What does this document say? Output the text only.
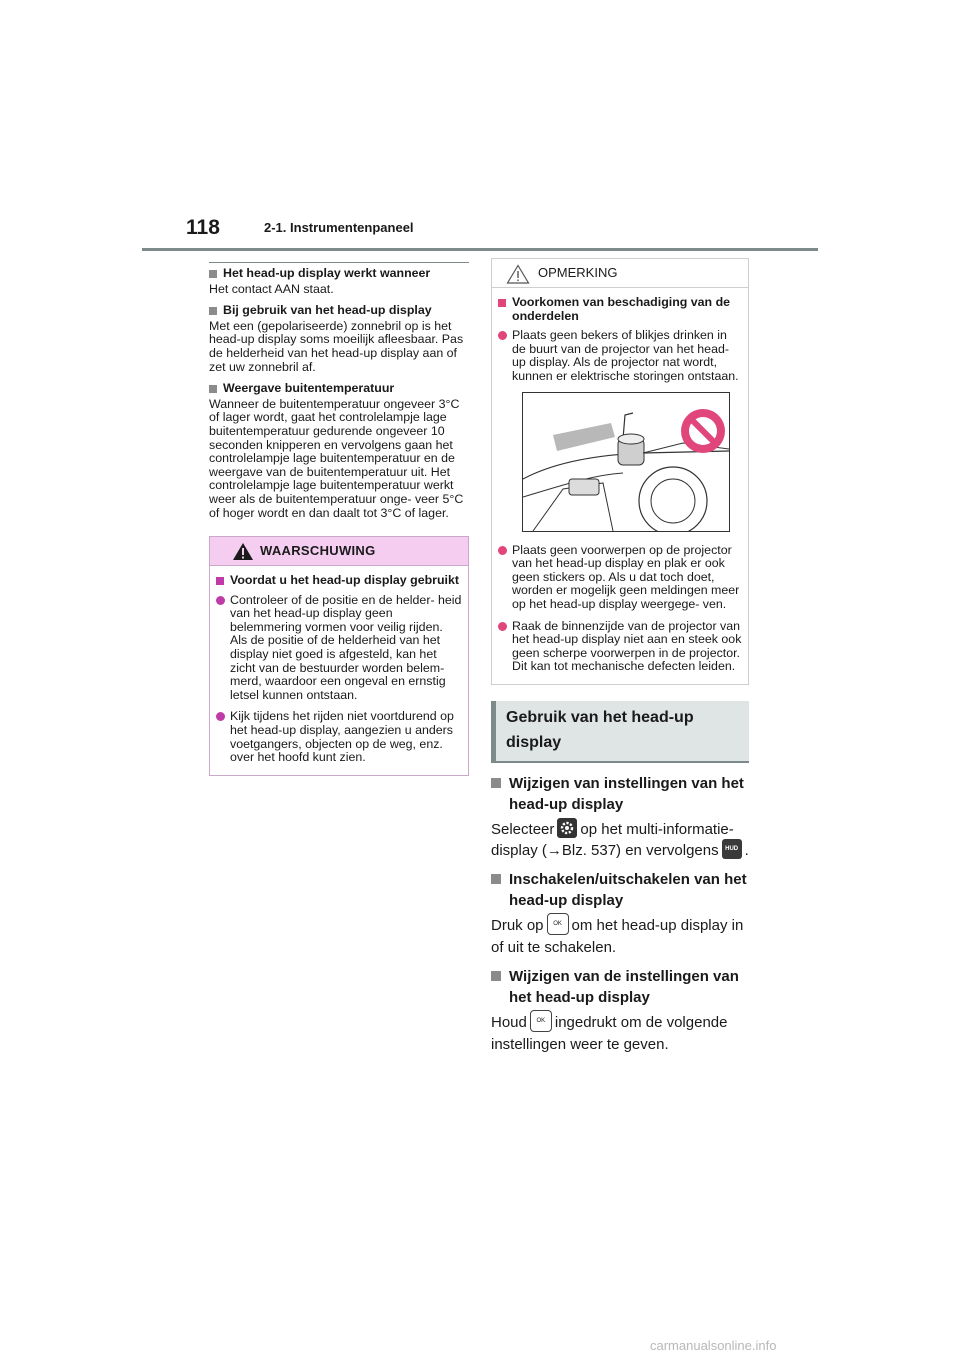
118	2-1. Instrumentenpaneel
Het head-up display werkt wanneer

Het contact AAN staat.

Bij gebruik van het head-up display

Met een (gepolariseerde) zonnebril op is het head-up display soms moeilijk afleesbaar. Pas de helderheid van het head-up display aan of zet uw zonnebril af.

Weergave buitentemperatuur

Wanneer de buitentemperatuur ongeveer 3°C of lager wordt, gaat het controlelampje lage buitentemperatuur gedurende ongeveer 10 seconden knipperen en vervolgens gaan het controlelampje lage buitentemperatuur en de weergave van de buitentemperatuur uit. Het controlelampje lage buitentemperatuur werkt weer als de buitentemperatuur onge- veer 5°C of hoger wordt en dan daalt tot 3°C of lager.

WAARSCHUWING
Voordat u het head-up display gebruikt
Controleer of de positie en de helder- heid van het head-up display geen belemmering vormen voor veilig rijden. Als de positie of de helderheid van het display niet goed is afgesteld, kan het zicht van de bestuurder worden belem- merd, waardoor een ongeval en ernstig letsel kunnen ontstaan.
Kijk tijdens het rijden niet voortdurend op het head-up display, aangezien u anders voetgangers, objecten op de weg, enz. over het hoofd kunt zien.
OPMERKING
Voorkomen van beschadiging van de onderdelen
Plaats geen bekers of blikjes drinken in de buurt van de projector van het head-up display. Als de projector nat wordt, kunnen er elektrische storingen ontstaan.
Plaats geen voorwerpen op de projector van het head-up display en plak er ook geen stickers op. Als u dat toch doet, worden er mogelijk geen meldingen meer op het head-up display weergege- ven.
Raak de binnenzijde van de projector van het head-up display niet aan en steek ook geen scherpe voorwerpen in de projector. Dit kan tot mechanische defecten leiden.
Gebruik van het head-up display
Wijzigen van instellingen van het head-up display

Selecteer op het multi-informatie- display (→Blz. 537) en vervolgens HUD .

Inschakelen/uitschakelen van het head-up display

Druk op OK om het head-up display in of uit te schakelen.

Wijzigen van de instellingen van het head-up display

Houd OK ingedrukt om de volgende instellingen weer te geven.

carmanualsonline.info
